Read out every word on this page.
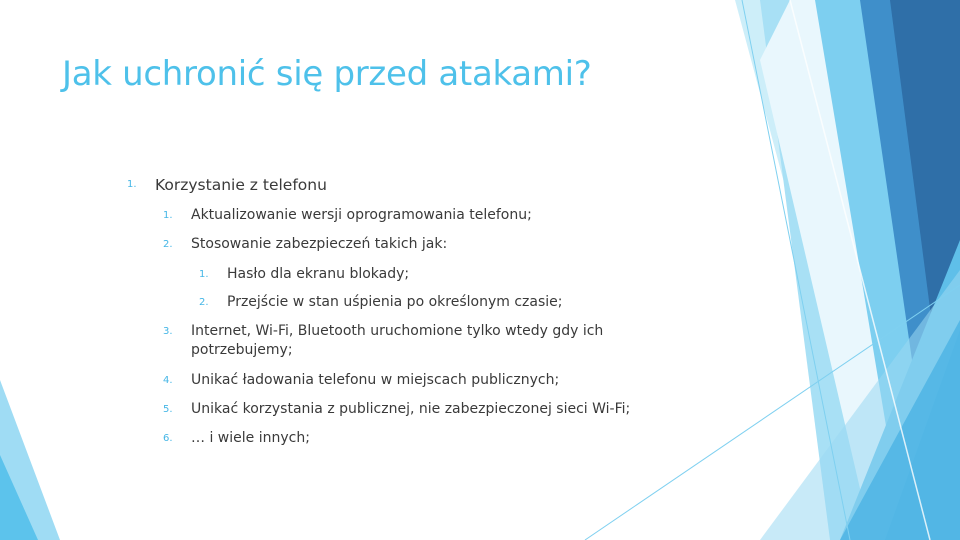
Jak uchronić się przed atakami?
1.	Korzystanie z telefonu
1.	Aktualizowanie wersji oprogramowania telefonu;
2.	Stosowanie zabezpieczeń takich jak:
1.	Hasło dla ekranu blokady;
2.	Przejście w stan uśpienia po określonym czasie;
3.	Internet, Wi-Fi, Bluetooth uruchomione tylko wtedy gdy ich potrzebujemy;
4.	Unikać ładowania telefonu w miejscach publicznych;
5.	Unikać korzystania z publicznej, nie zabezpieczonej sieci Wi-Fi;
6.	… i wiele innych;
